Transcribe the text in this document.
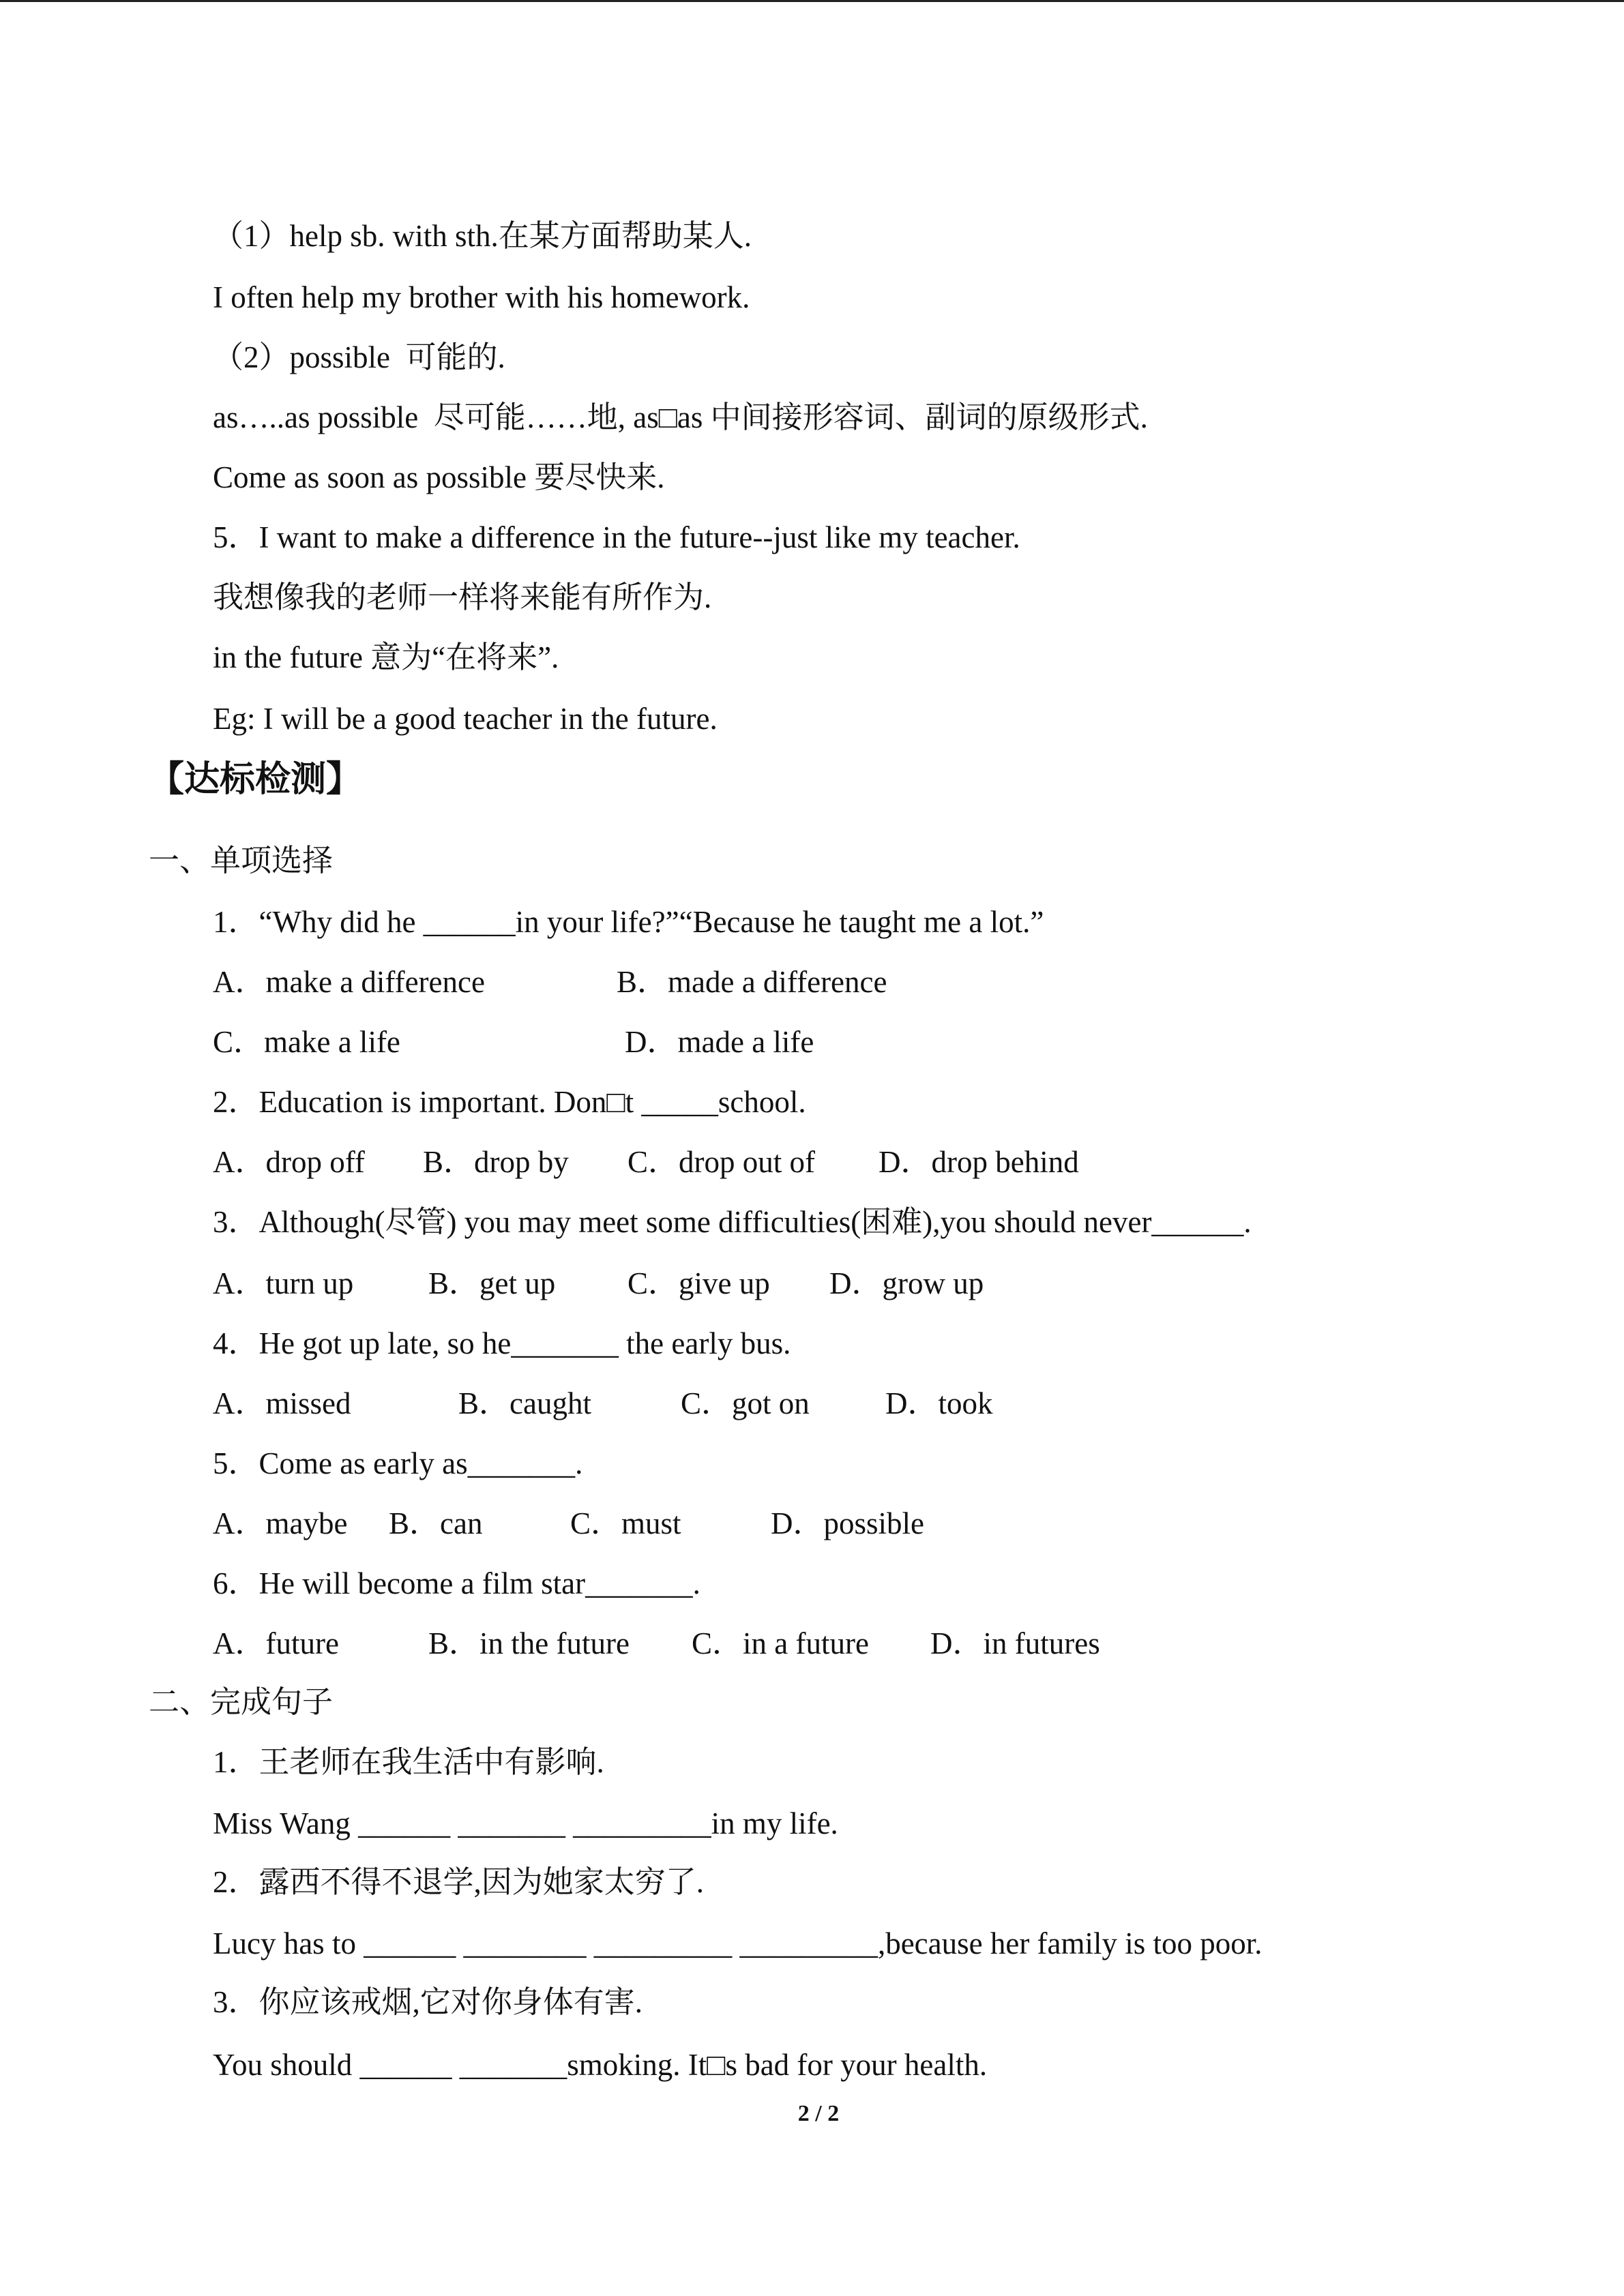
（1）help sb. with sth.在某方面帮助某人.
I often help my brother with his homework.
（2）possible  可能的.
as…..as possible  尽可能……地, as□as 中间接形容词、副词的原级形式.
Come as soon as possible 要尽快来.
5．I want to make a difference in the future--just like my teacher.
我想像我的老师一样将来能有所作为.
in the future 意为“在将来”.
Eg: I will be a good teacher in the future.
【达标检测】
一、单项选择
1．“Why did he ______in your life?”“Because he taught me a lot.”

A．make a difference

	B．made a difference

C．make a life

	D．made a life

2．Education is important. Don□t _____school.

A．drop off

B．drop by

C．drop out of

D．drop behind

3．Although(尽管) you may meet some difficulties(困难),you should never______.

A．turn up

B．get up

C．give up

D．grow up

4．He got up late, so he_______ the early bus.

A．missed

	B．caught

	C．got on

D．took

5．Come as early as_______.

A．maybe

B．can

	C．must

	D．possible

6．He will become a film star_______.

A．future

	B．in the future

C．in a future

D．in futures

二、完成句子
1．王老师在我生活中有影响.
Miss Wang ______ _______ _________in my life.
2．露西不得不退学,因为她家太穷了.
Lucy has to ______ ________ _________ _________,because her family is too poor.
3．你应该戒烟,它对你身体有害.
You should ______ _______smoking. It□s bad for your health.
2 / 2
